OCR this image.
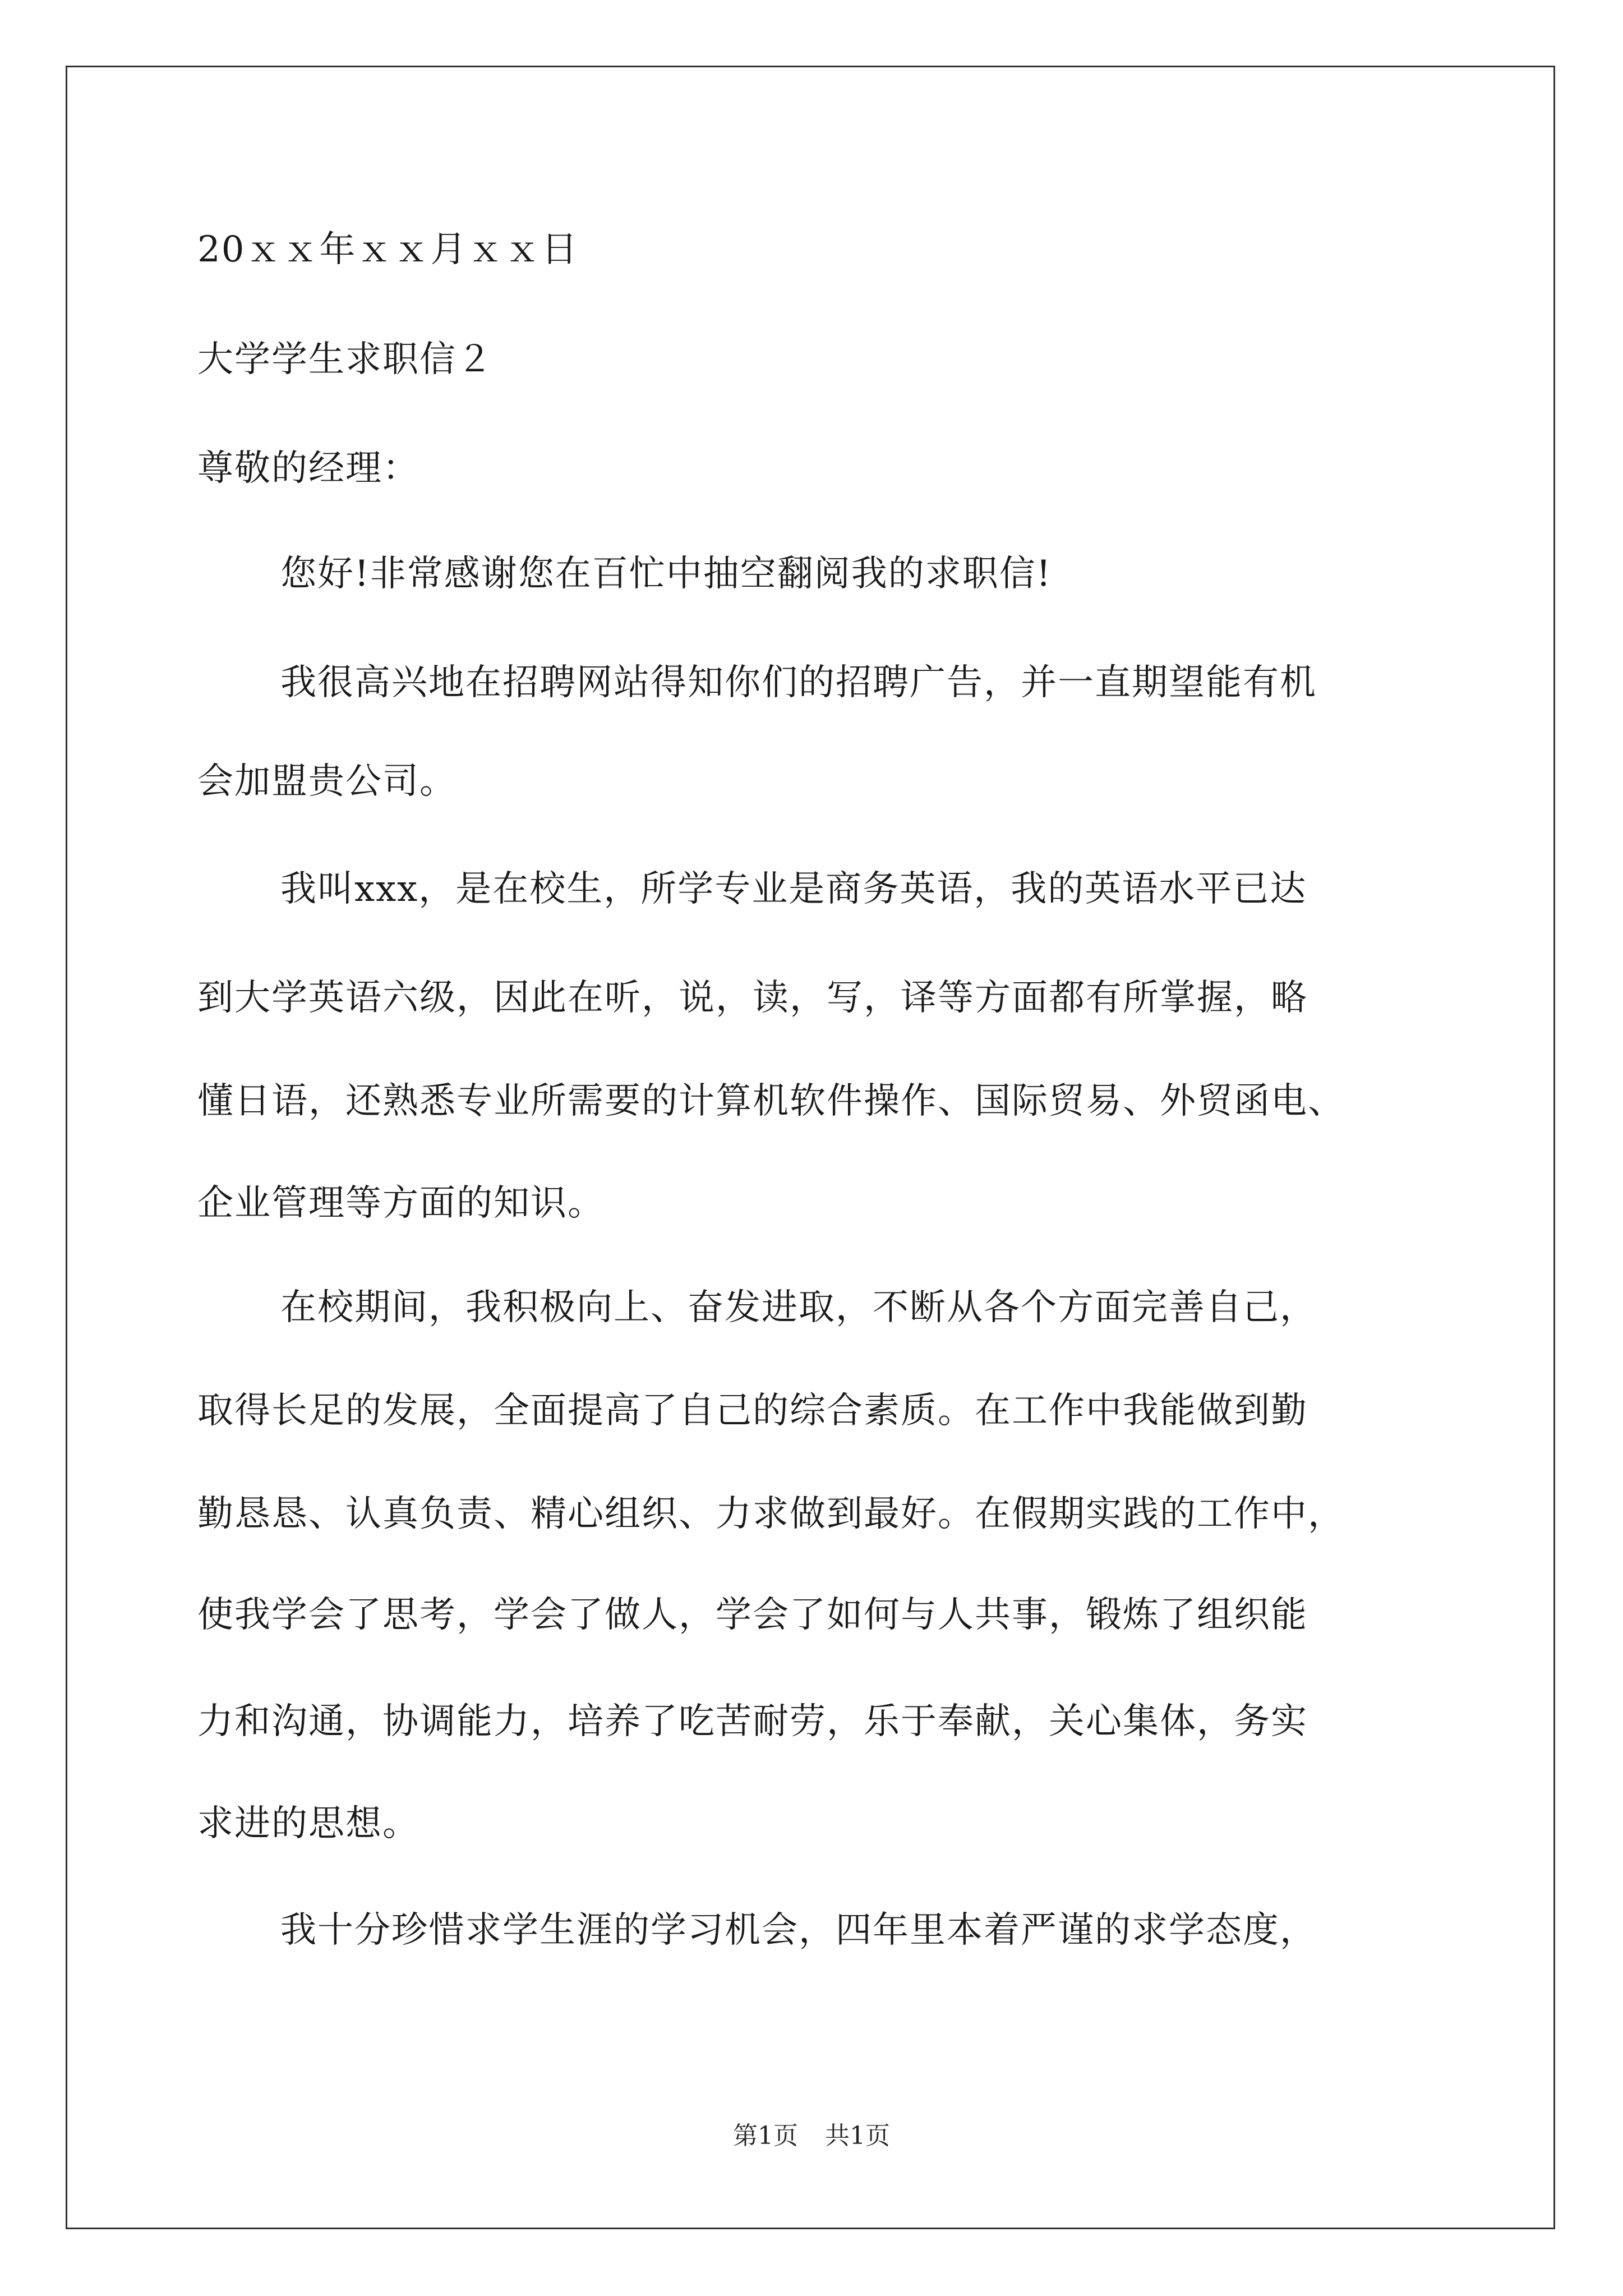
20ｘｘ年ｘｘ月ｘｘ日
大学学生求职信２
尊敬的经理：
您好!非常感谢您在百忙中抽空翻阅我的求职信!
我很高兴地在招聘网站得知你们的招聘广告，并一直期望能有机
会加盟贵公司。
我叫xxx，是在校生，所学专业是商务英语，我的英语水平已达
到大学英语六级，因此在听，说，读，写，译等方面都有所掌握，略
懂日语，还熟悉专业所需要的计算机软件操作、国际贸易、外贸函电、
企业管理等方面的知识。
在校期间，我积极向上、奋发进取，不断从各个方面完善自己，
取得长足的发展，全面提高了自己的综合素质。在工作中我能做到勤
勤恳恳、认真负责、精心组织、力求做到最好。在假期实践的工作中，
使我学会了思考，学会了做人，学会了如何与人共事，锻炼了组织能
力和沟通，协调能力，培养了吃苦耐劳，乐于奉献，关心集体，务实
求进的思想。
我十分珍惜求学生涯的学习机会，四年里本着严谨的求学态度，
第1页 共1页
